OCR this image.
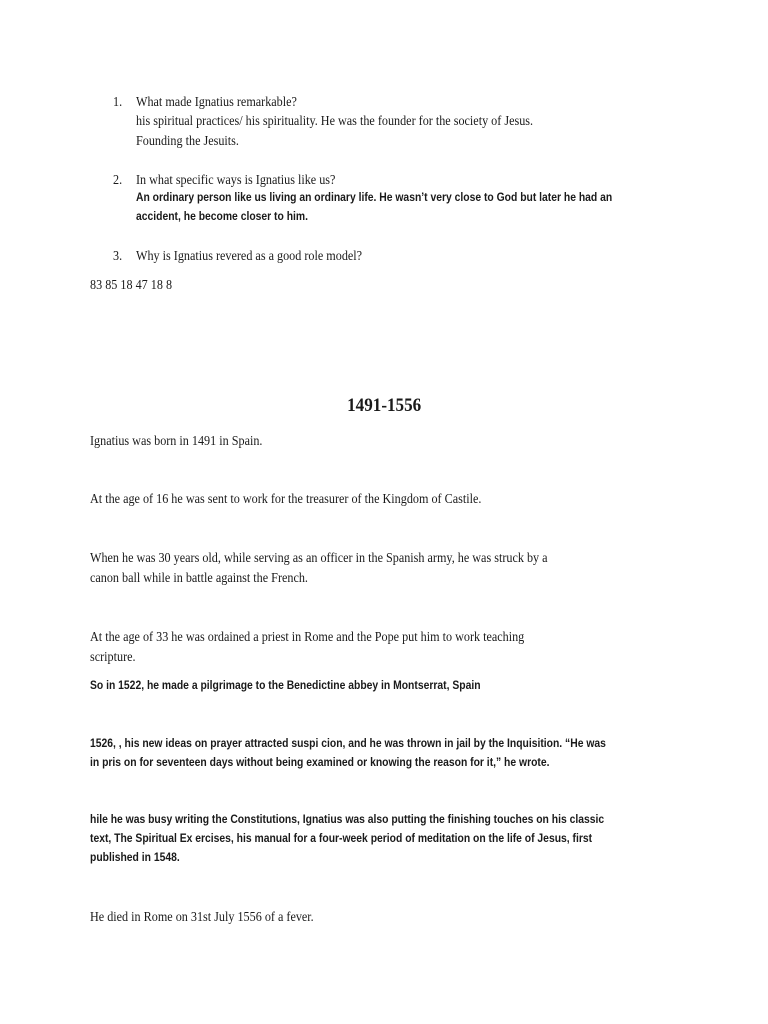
1. What made Ignatius remarkable?
his spiritual practices/ his spirituality. He was the founder for the society of Jesus.
Founding the Jesuits.
2. In what specific ways is Ignatius like us?
An ordinary person like us living an ordinary life. He wasn’t very close to God but later he had an
accident, he become closer to him.
3. Why is Ignatius revered as a good role model?
83 85 18 47 18 8
1491-1556
Ignatius was born in 1491 in Spain.
At the age of 16 he was sent to work for the treasurer of the Kingdom of Castile.
When he was 30 years old, while serving as an officer in the Spanish army, he was struck by a
canon ball while in battle against the French.
At the age of 33 he was ordained a priest in Rome and the Pope put him to work teaching
scripture.
So in 1522, he made a pilgrimage to the Benedictine abbey in Montserrat, Spain
1526, , his new ideas on prayer attracted suspi cion, and he was thrown in jail by the Inquisition. “He was
in pris on for seventeen days without being examined or knowing the reason for it,” he wrote.
hile he was busy writing the Constitutions, Ignatius was also putting the finishing touches on his classic
text, The Spiritual Ex ercises, his manual for a four-week period of meditation on the life of Jesus, first
published in 1548.
He died in Rome on 31st July 1556 of a fever.
